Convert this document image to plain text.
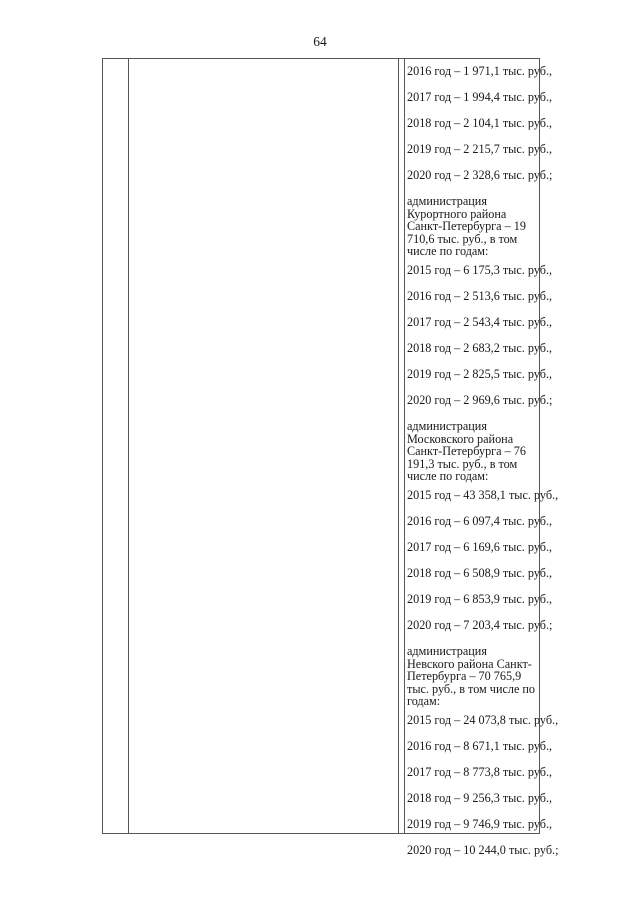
64

2016 год – 1 971,1 тыс. руб.,

2017 год – 1 994,4 тыс. руб.,

2018 год – 2 104,1 тыс. руб.,

2019 год – 2 215,7 тыс. руб.,

2020 год – 2 328,6 тыс. руб.;

администрация Курортного района Санкт-Петербурга – 19 710,6 тыс. руб., в том числе по годам:

2015 год – 6 175,3 тыс. руб.,

2016 год – 2 513,6 тыс. руб.,

2017 год – 2 543,4 тыс. руб.,

2018 год – 2 683,2 тыс. руб.,

2019 год – 2 825,5 тыс. руб.,

2020 год – 2 969,6 тыс. руб.;

администрация Московского района Санкт-Петербурга – 76 191,3 тыс. руб., в том числе по годам:

2015 год – 43 358,1 тыс. руб.,

2016 год – 6 097,4 тыс. руб.,

2017 год – 6 169,6 тыс. руб.,

2018 год – 6 508,9 тыс. руб.,

2019 год – 6 853,9 тыс. руб.,

2020 год – 7 203,4 тыс. руб.;

администрация Невского района Санкт-Петербурга – 70 765,9 тыс. руб., в том числе по годам:

2015 год – 24 073,8 тыс. руб.,

2016 год – 8 671,1 тыс. руб.,

2017 год – 8 773,8 тыс. руб.,

2018 год – 9 256,3 тыс. руб.,

2019 год – 9 746,9 тыс. руб.,

2020 год – 10 244,0 тыс. руб.;
